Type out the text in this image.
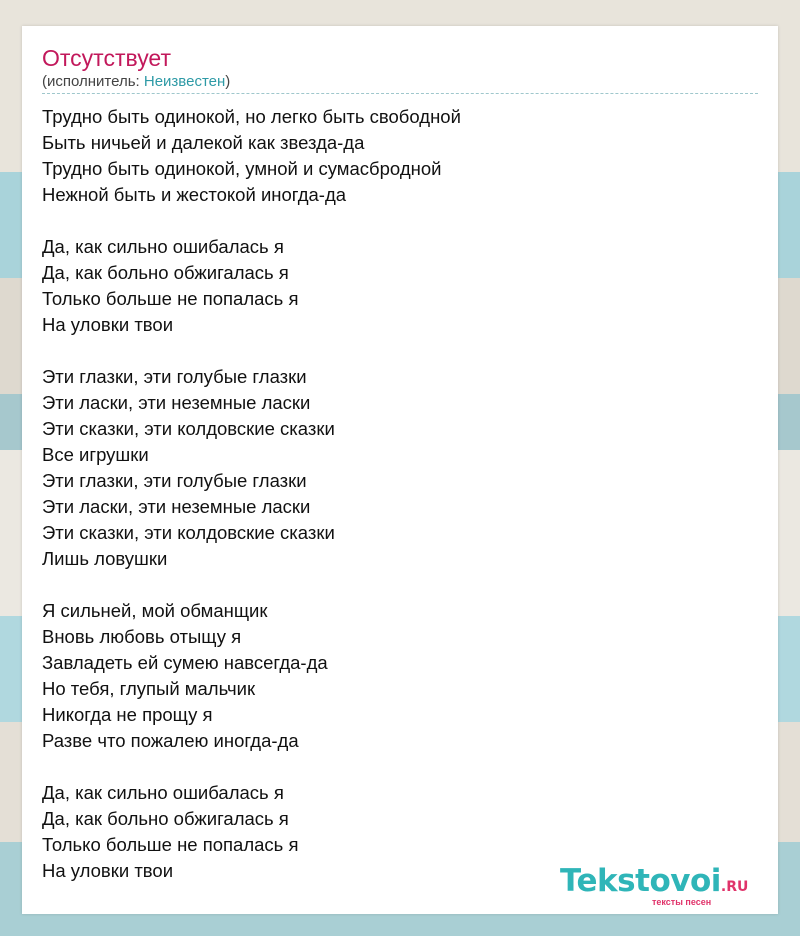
Отсутствует
(исполнитель: Неизвестен)
Трудно быть одинокой, но легко быть свободной
Быть ничьей и далекой как звезда-да
Трудно быть одинокой, умной и сумасбродной
Нежной быть и жестокой иногда-да
Да, как сильно ошибалась я
Да, как больно обжигалась я
Только больше не попалась я
На уловки твои
Эти глазки, эти голубые глазки
Эти ласки, эти неземные ласки
Эти сказки, эти колдовские сказки
Все игрушки
Эти глазки, эти голубые глазки
Эти ласки, эти неземные ласки
Эти сказки, эти колдовские сказки
Лишь ловушки
Я сильней, мой обманщик
Вновь любовь отыщу я
Завладеть ей сумею навсегда-да
Но тебя, глупый мальчик
Никогда не прощу я
Разве что пожалею иногда-да
Да, как сильно ошибалась я
Да, как больно обжигалась я
Только больше не попалась я
На уловки твои	Tekstovoi.RU
тексты песен
